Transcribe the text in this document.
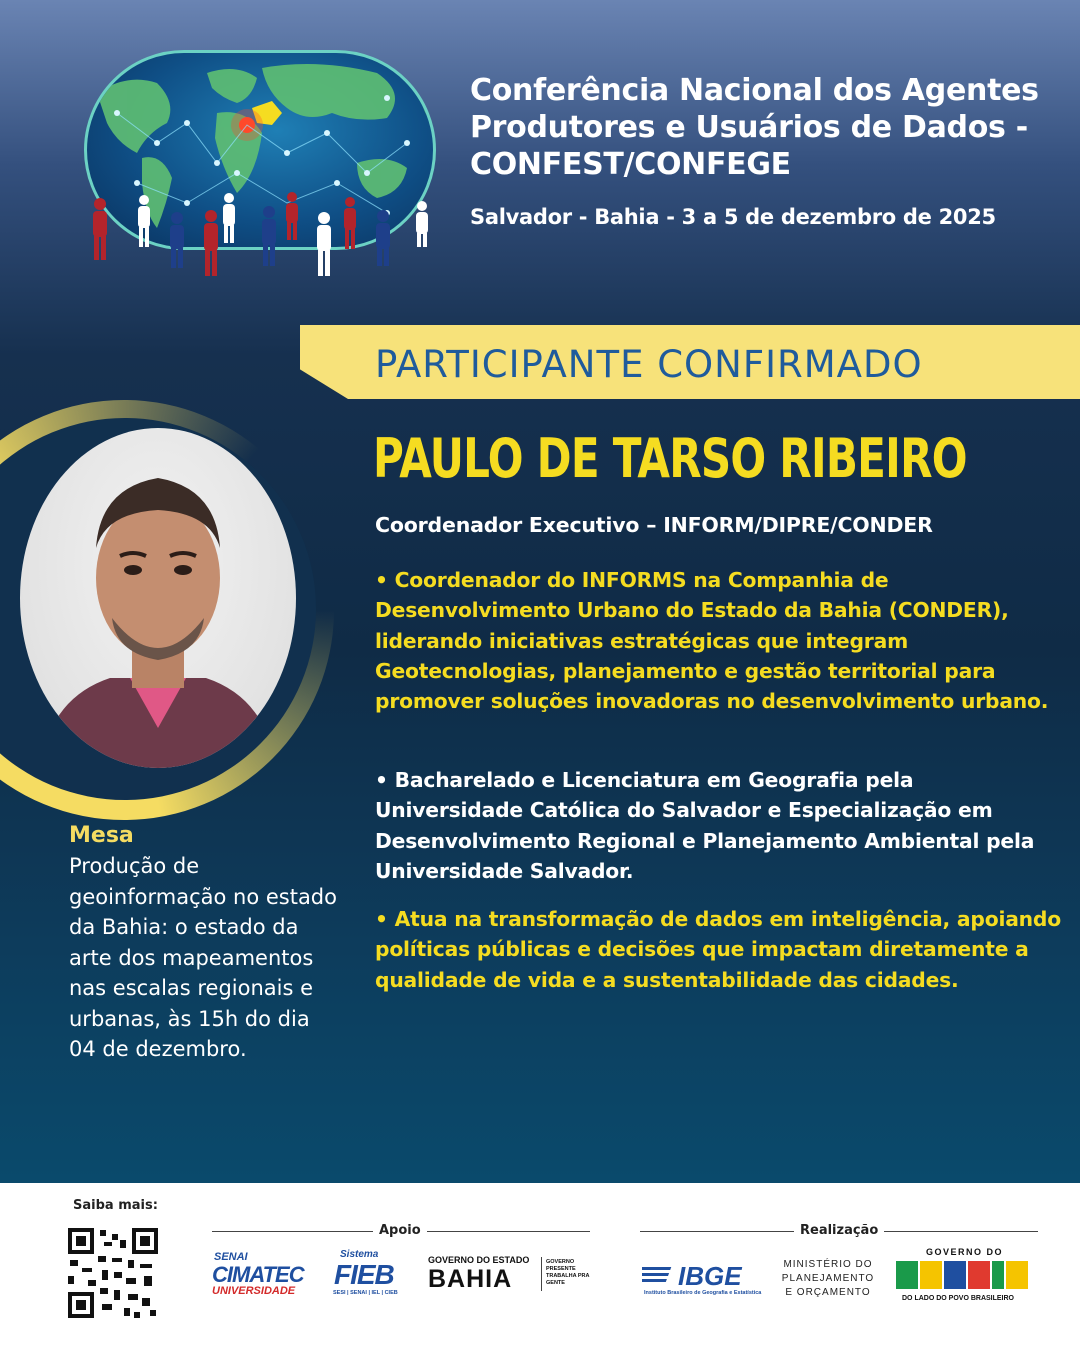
Conferência Nacional dos Agentes Produtores e Usuários de Dados - CONFEST/CONFEGE
Salvador - Bahia - 3 a 5 de dezembro de 2025
PARTICIPANTE CONFIRMADO
Mesa
Produção de geoinformação no estado da Bahia: o estado da arte dos mapeamentos nas escalas regionais e urbanas, às 15h do dia 04 de dezembro.
PAULO DE TARSO RIBEIRO
Coordenador Executivo – INFORM/DIPRE/CONDER
• Coordenador do INFORMS na Companhia de Desenvolvimento Urbano do Estado da Bahia (CONDER), liderando iniciativas estratégicas que integram Geotecnologias, planejamento e gestão territorial para promover soluções inovadoras no desenvolvimento urbano.
• Bacharelado e Licenciatura em Geografia pela Universidade Católica do Salvador e Especialização em Desenvolvimento Regional e Planejamento Ambiental pela Universidade Salvador.
• Atua na transformação de dados em inteligência, apoiando políticas públicas e decisões que impactam diretamente a qualidade de vida e a sustentabilidade das cidades.
Saiba mais:
Apoio
SENAI
CIMATEC
UNIVERSIDADE
Sistema
FIEB
SESI | SENAI | IEL | CIEB
GOVERNO DO ESTADO
BAHIA
GOVERNO PRESENTE TRABALHA PRA GENTE
Realização
IBGE
Instituto Brasileiro de Geografia e Estatística
MINISTÉRIO DO PLANEJAMENTO E ORÇAMENTO
GOVERNO DO
DO LADO DO POVO BRASILEIRO
